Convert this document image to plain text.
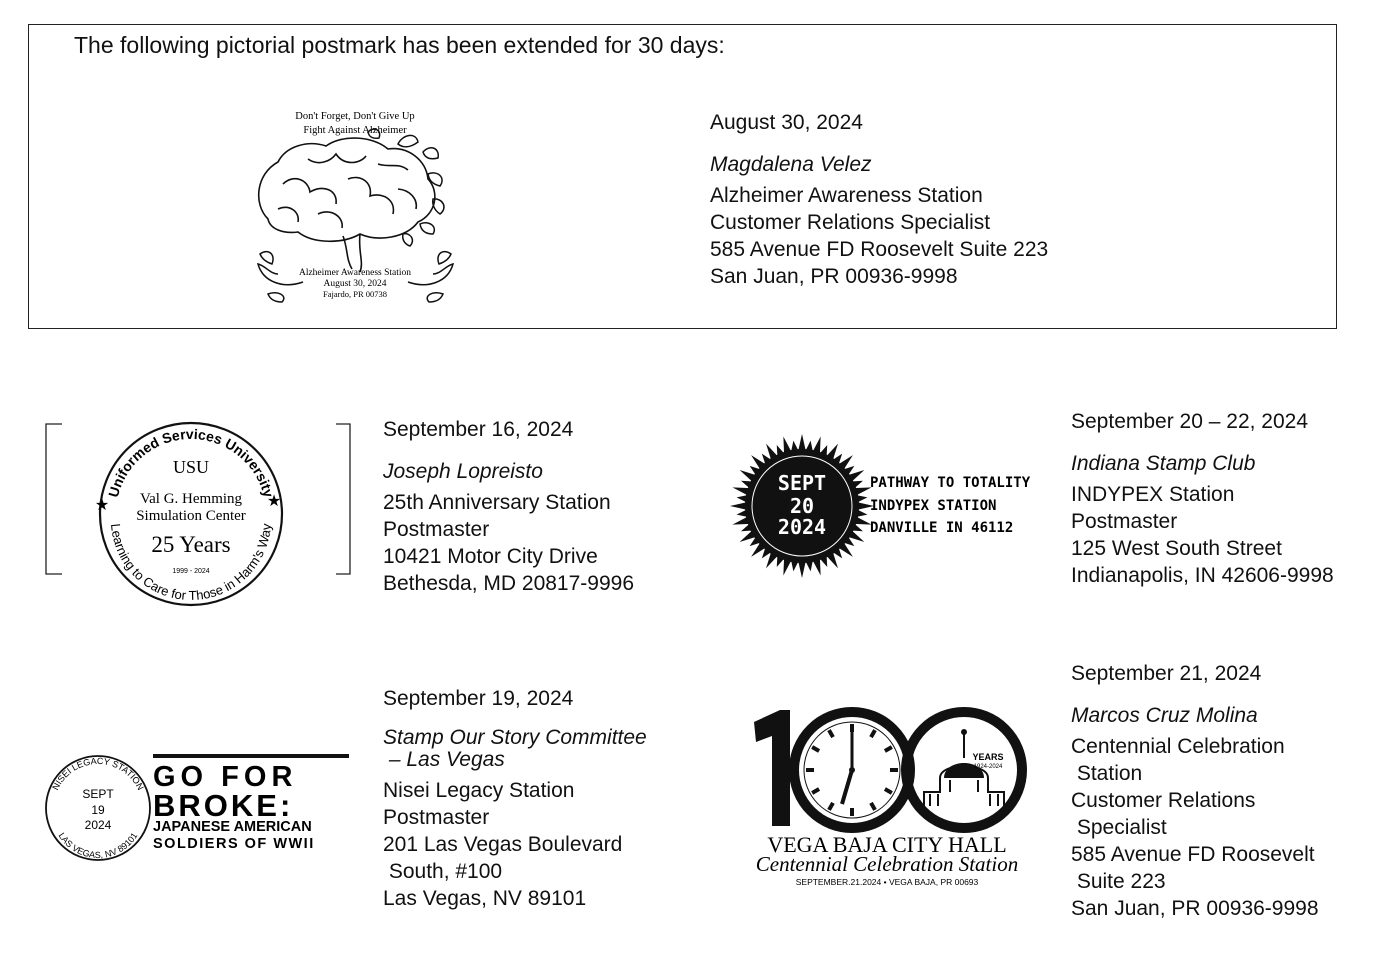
The following pictorial postmark has been extended for 30 days:
Don't Forget, Don't Give Up
Fight Against Alzheimer
Alzheimer Awareness Station
August 30, 2024
Fajardo, PR 00738
August 30, 2024
Magdalena Velez
Alzheimer Awareness Station
Customer Relations Specialist
585 Avenue FD Roosevelt Suite 223
San Juan, PR 00936-9998
Uniformed Services University
Learning to Care for Those in Harm's Way
★	★
USU
Val G. Hemming
Simulation Center
25 Years
1999 - 2024
September 16, 2024
Joseph Lopreisto
25th Anniversary Station
Postmaster
10421 Motor City Drive
Bethesda, MD 20817-9996
SEPT
20
2024
PATHWAY TO TOTALITY
INDYPEX STATION
DANVILLE IN 46112
September 20 – 22, 2024
Indiana Stamp Club
INDYPEX Station
Postmaster
125 West South Street
Indianapolis, IN 42606-9998
NISEI LEGACY STATION
LAS VEGAS, NV 89101
SEPT
19
2024
GO FOR
BROKE:
JAPANESE AMERICAN
SOLDIERS OF WWII
September 19, 2024
Stamp Our Story Committee
– Las Vegas
Nisei Legacy Station
Postmaster
201 Las Vegas Boulevard
South, #100
Las Vegas, NV 89101
YEARS
1924-2024
VEGA BAJA CITY HALL
Centennial Celebration Station
SEPTEMBER.21.2024 • VEGA BAJA, PR 00693
September 21, 2024
Marcos Cruz Molina
Centennial Celebration
Station
Customer Relations
Specialist
585 Avenue FD Roosevelt
Suite 223
San Juan, PR 00936-9998
